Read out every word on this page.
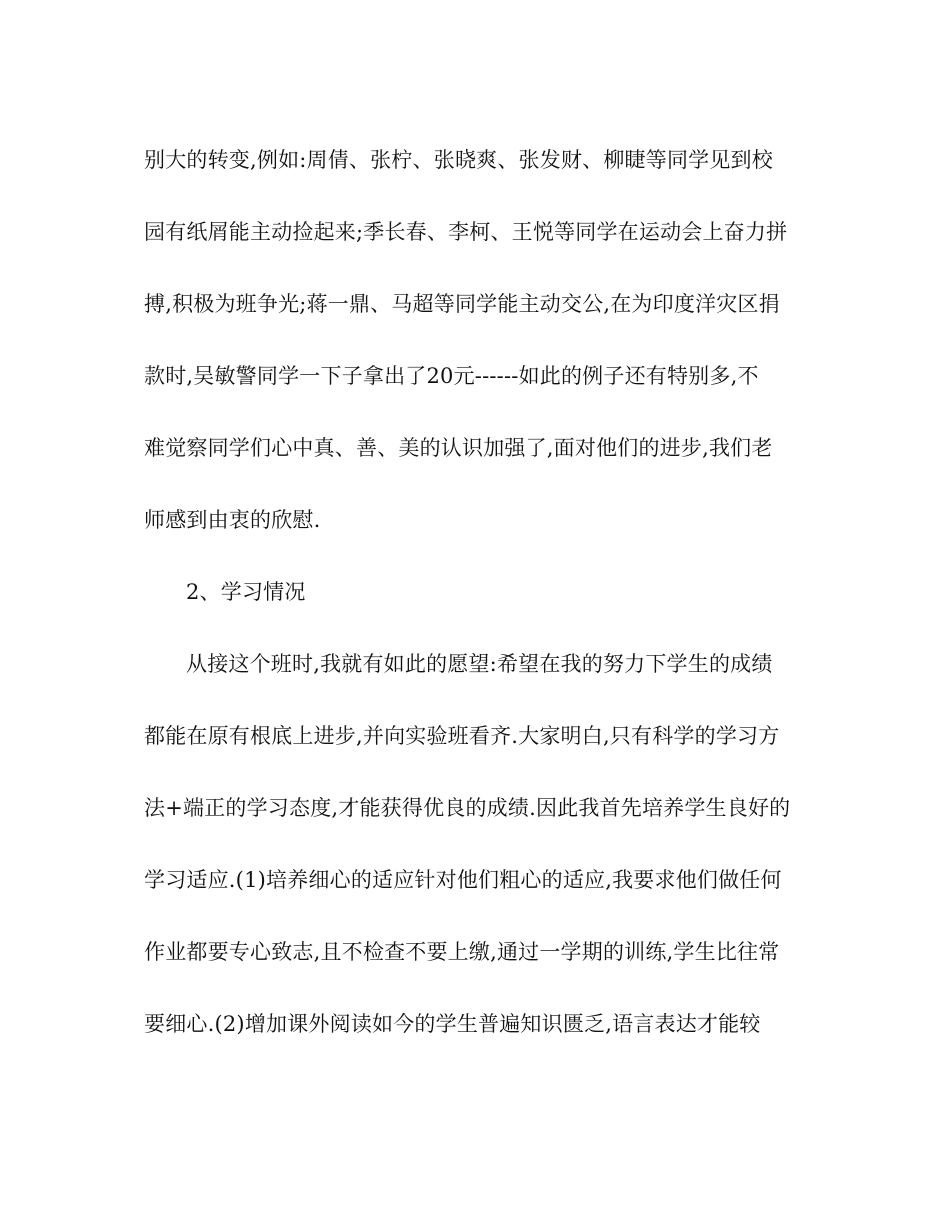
别大的转变,例如:周倩、张柠、张晓爽、张发财、柳睫等同学见到校
园有纸屑能主动捡起来;季长春、李柯、王悦等同学在运动会上奋力拼
搏,积极为班争光;蒋一鼎、马超等同学能主动交公,在为印度洋灾区捐
款时,吴敏警同学一下子拿出了20元------如此的例子还有特别多,不
难觉察同学们心中真、善、美的认识加强了,面对他们的进步,我们老
师感到由衷的欣慰.
2、学习情况
从接这个班时,我就有如此的愿望:希望在我的努力下学生的成绩
都能在原有根底上进步,并向实验班看齐.大家明白,只有科学的学习方
法+端正的学习态度,才能获得优良的成绩.因此我首先培养学生良好的
学习适应.(1)培养细心的适应针对他们粗心的适应,我要求他们做任何
作业都要专心致志,且不检查不要上缴,通过一学期的训练,学生比往常
要细心.(2)增加课外阅读如今的学生普遍知识匮乏,语言表达才能较
